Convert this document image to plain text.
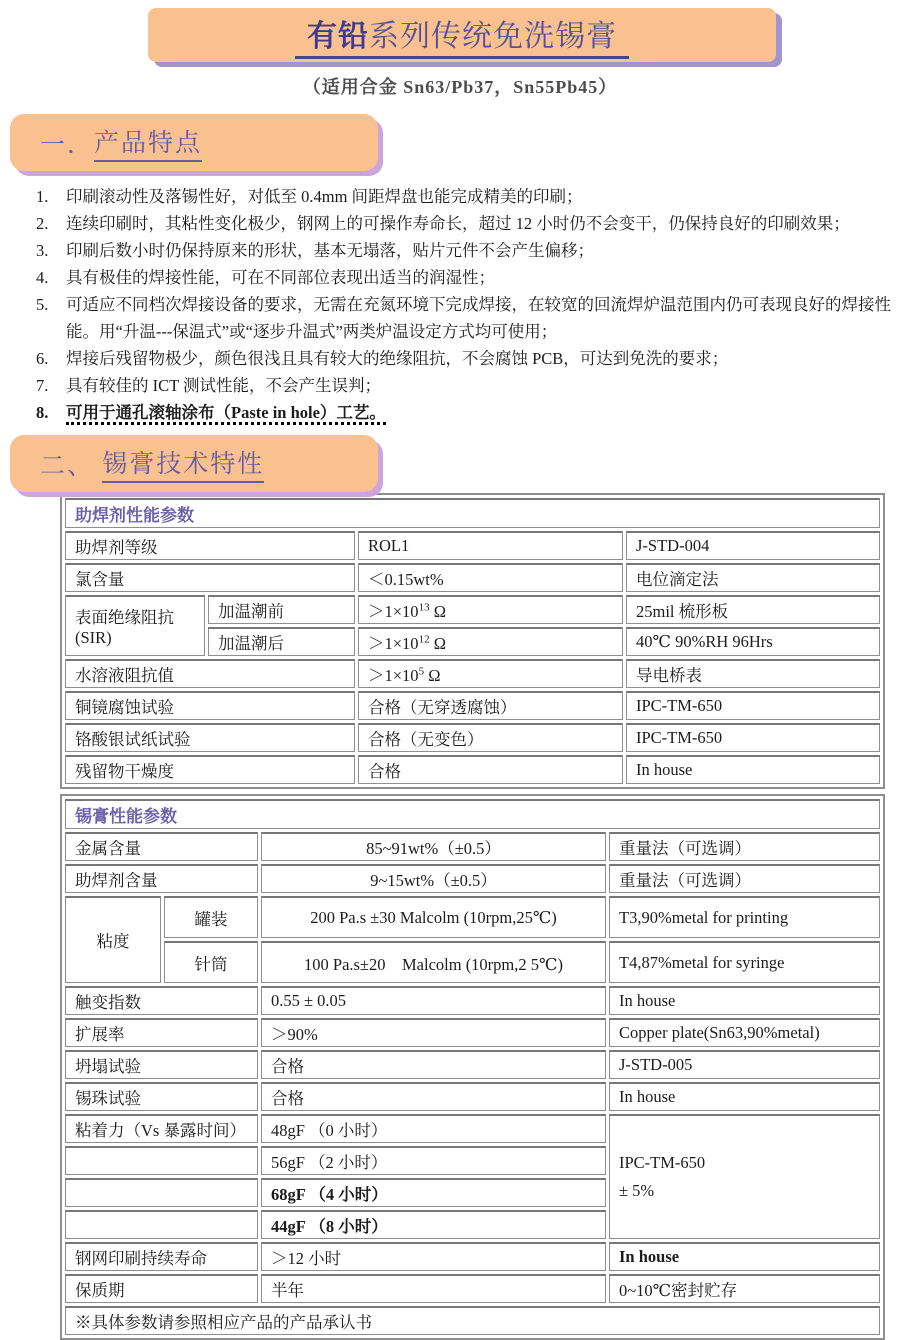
有铅系列传统免洗锡膏
（适用合金 Sn63/Pb37，Sn55Pb45）
一． 产品特点
1.	印刷滚动性及落锡性好，对低至 0.4mm 间距焊盘也能完成精美的印刷；
2.	连续印刷时，其粘性变化极少，钢网上的可操作寿命长，超过 12 小时仍不会变干，仍保持良好的印刷效果；
3.	印刷后数小时仍保持原来的形状，基本无塌落，贴片元件不会产生偏移；
4.	具有极佳的焊接性能，可在不同部位表现出适当的润湿性；
5.	可适应不同档次焊接设备的要求，无需在充氮环境下完成焊接，在较宽的回流焊炉温范围内仍可表现良好的焊接性能。用“升温---保温式”或“逐步升温式”两类炉温设定方式均可使用；
6.	焊接后残留物极少，颜色很浅且具有较大的绝缘阻抗，不会腐蚀 PCB，可达到免洗的要求；
7.	具有较佳的 ICT 测试性能，不会产生误判；
8.	可用于通孔滚轴涂布（Paste in hole）工艺。
二、
锡膏技术特性
助焊剂性能参数			
助焊剂等级		ROL1	J-STD-004
氯含量		＜0.15wt%	电位滴定法
表面绝缘阻抗 (SIR)	加温潮前	$>1\times 10^{13}$ Ω	25mil 梳形板
	加温潮后	$>1\times 10^{12}$ Ω	40℃ 90%RH 96Hrs
水溶液阻抗值		$>1\times 10^5$ Ω	导电桥表
铜镜腐蚀试验		合格（无穿透腐蚀）	IPC-TM-650
铬酸银试纸试验		合格（无变色）	IPC-TM-650
残留物干燥度		合格	In house
锡膏性能参数			
金属含量		85~91wt%（±0.5）	重量法（可选调）
助焊剂含量		9~15wt%（±0.5）	重量法（可选调）
粘度	罐装	200 Pa.s ±30 Malcolm (10rpm,25℃)	T3,90%metal for printing
	针筒	100 Pa.s±20　Malcolm (10rpm,2 5℃)	T4,87%metal for syringe
触变指数		0.55 ± 0.05	In house
扩展率		＞90%	Copper plate(Sn63,90%metal)
坍塌试验		合格	J-STD-005
锡珠试验		合格	In house
粘着力（Vs 暴露时间）		48gF （0 小时）	IPC-TM-650
± 5%
		56gF （2 小时）	
		68gF （4 小时）	
		44gF （8 小时）	
钢网印刷持续寿命		＞12 小时	In house
保质期		半年	0~10℃密封贮存
※具体参数请参照相应产品的产品承认书			
